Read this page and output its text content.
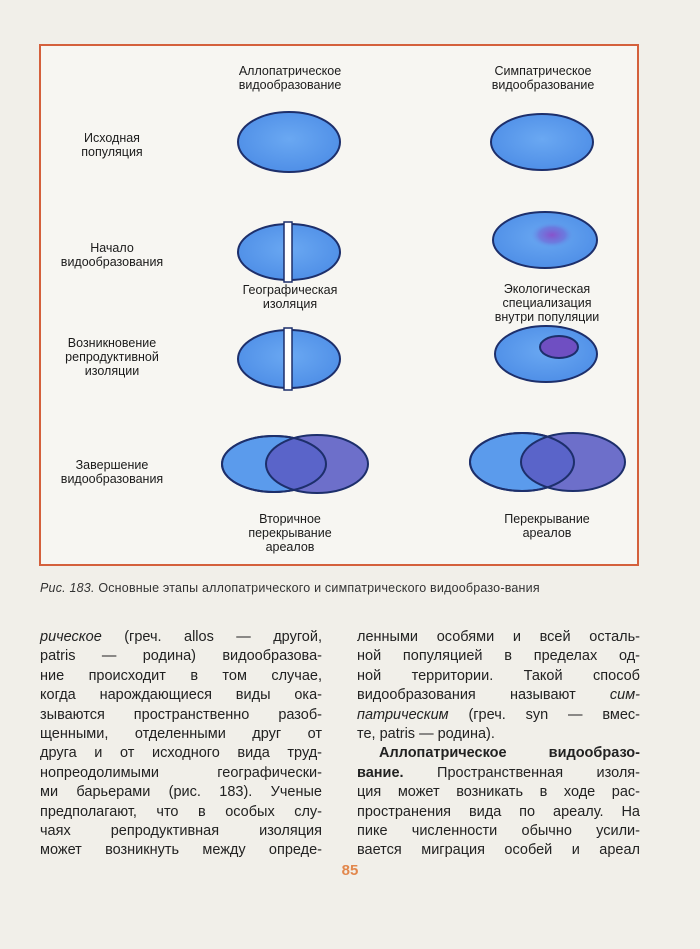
Аллопатрическое
видообразование
Симпатрическое
видообразование
Исходная
популяция
Начало
видообразования
Возникновение
репродуктивной
изоляции
Завершение
видообразования
Географическая
изоляция
Вторичное
перекрывание
ареалов
Экологическая
специализация
внутри популяции
Перекрывание
ареалов
Рис. 183. Основные этапы аллопатрического и симпатрического видообразо-вания
рическое (греч. allos — другой,
patris — родина) видообразова-
ние происходит в том случае,
когда нарождающиеся виды ока-
зываются пространственно разоб-
щенными, отделенными друг от
друга и от исходного вида труд-
нопреодолимыми географически-
ми барьерами (рис. 183). Ученые
предполагают, что в особых слу-
чаях репродуктивная изоляция
может возникнуть между опреде-
ленными особями и всей осталь-
ной популяцией в пределах од-
ной территории. Такой способ
видообразования называют сим-
патрическим (греч. syn — вмес-
те, patris — родина).
Аллопатрическое видообразо-
вание. Пространственная изоля-
ция может возникать в ходе рас-
пространения вида по ареалу. На
пике численности обычно усили-
вается миграция особей и ареал
85
